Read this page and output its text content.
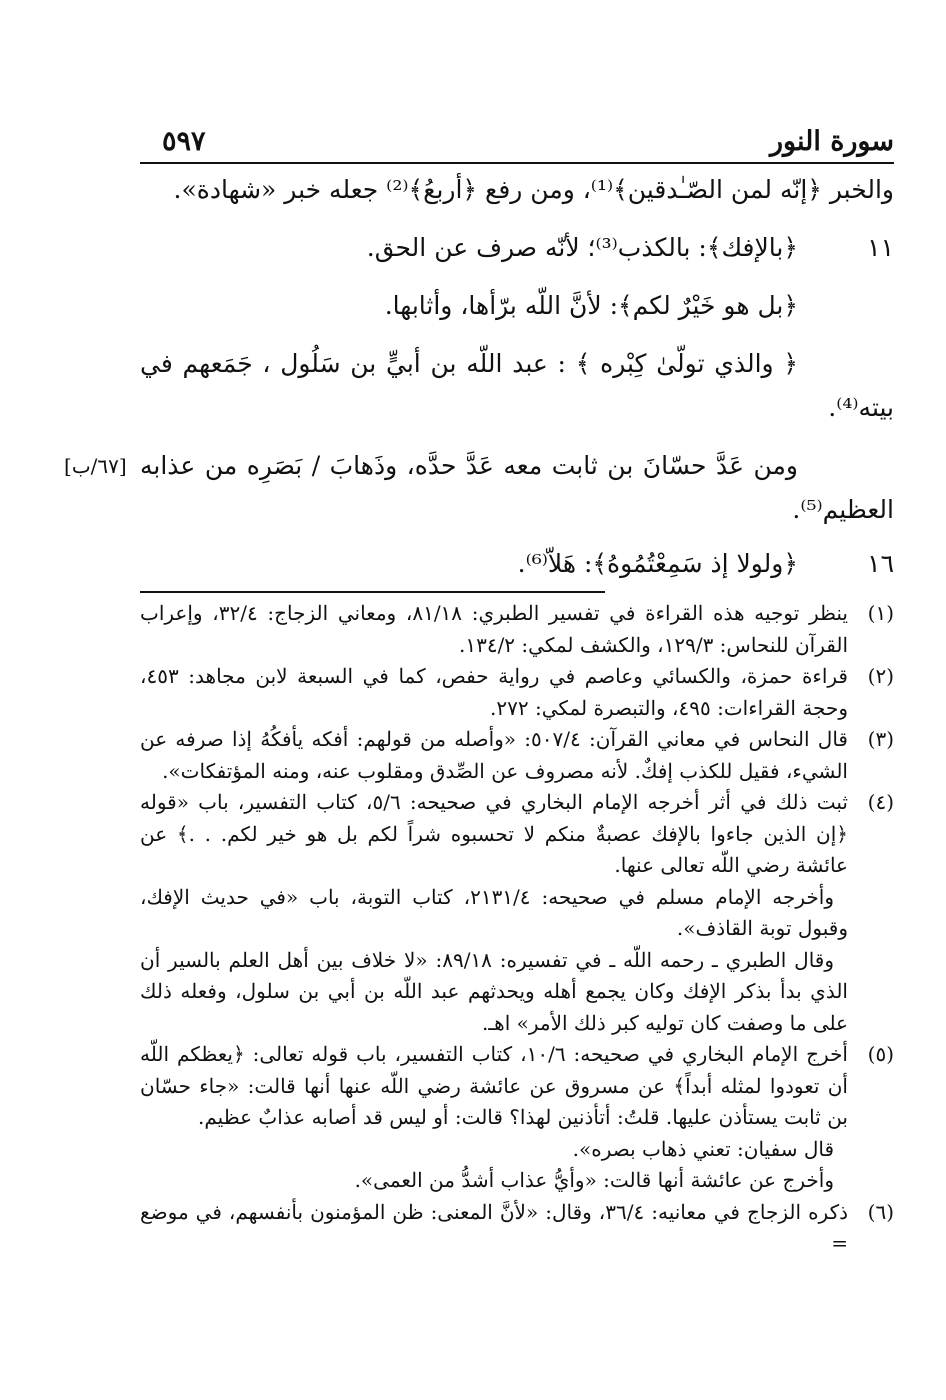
سورة النور
٥٩٧
والخبر ﴿إنّه لمن الصّـٰدقين﴾⁽¹⁾، ومن رفع ﴿أربعُ﴾⁽²⁾ جعله خبر «شهادة».
١١
﴿بالإفك﴾: بالكذب⁽³⁾؛ لأنّه صرف عن الحق.
﴿بل هو خَيْرٌ لكم﴾: لأنَّ اللّه برّأها، وأثابها.
﴿ والذي تولّىٰ كِبْره ﴾ : عبد اللّه بن أبيٍّ بن سَلُول ، جَمَعهم في بيته⁽⁴⁾.
ومن عَدَّ حسّانَ بن ثابت معه عَدَّ حدَّه، وذَهابَ / بَصَرِه من عذابه العظيم⁽⁵⁾.
[٦٧/ب]
١٦
﴿ولولا إذ سَمِعْتُمُوهُ﴾: هَلاّ⁽⁶⁾.
(١)

ينظر توجيه هذه القراءة في تفسير الطبري: ٨١/١٨، ومعاني الزجاج: ٣٢/٤، وإعراب القرآن للنحاس: ١٢٩/٣، والكشف لمكي: ١٣٤/٢.

(٢)

قراءة حمزة، والكسائي وعاصم في رواية حفص، كما في السبعة لابن مجاهد: ٤٥٣، وحجة القراءات: ٤٩٥، والتبصرة لمكي: ٢٧٢.

(٣)

قال النحاس في معاني القرآن: ٥٠٧/٤: «وأصله من قولهم: أفكه يأفكُهُ إذا صرفه عن الشيء، فقيل للكذب إفكٌ. لأنه مصروف عن الصِّدق ومقلوب عنه، ومنه المؤتفكات».

(٤)

ثبت ذلك في أثر أخرجه الإمام البخاري في صحيحه: ٥/٦، كتاب التفسير، باب «قوله ﴿إن الذين جاءوا بالإفك عصبةٌ منكم لا تحسبوه شراً لكم بل هو خير لكم. . .﴾ عن عائشة رضي اللّه تعالى عنها.

وأخرجه الإمام مسلم في صحيحه: ٢١٣١/٤، كتاب التوبة، باب «في حديث الإفك، وقبول توبة القاذف».

وقال الطبري ـ رحمه اللّه ـ في تفسيره: ٨٩/١٨: «لا خلاف بين أهل العلم بالسير أن الذي بدأ بذكر الإفك وكان يجمع أهله ويحدثهم عبد اللّه بن أبي بن سلول، وفعله ذلك على ما وصفت كان توليه كبر ذلك الأمر» اهـ.

(٥)

أخرج الإمام البخاري في صحيحه: ١٠/٦، كتاب التفسير، باب قوله تعالى: ﴿يعظكم اللّه أن تعودوا لمثله أبداً﴾ عن مسروق عن عائشة رضي اللّه عنها أنها قالت: «جاء حسّان بن ثابت يستأذن عليها. قلتُ: أتأذنين لهذا؟ قالت: أو ليس قد أصابه عذابٌ عظيم.

قال سفيان: تعني ذهاب بصره».

وأخرج عن عائشة أنها قالت: «وأيُّ عذاب أشدُّ من العمى».

(٦)

ذكره الزجاج في معانيه: ٣٦/٤، وقال: «لأنَّ المعنى: ظن المؤمنون بأنفسهم، في موضع =
